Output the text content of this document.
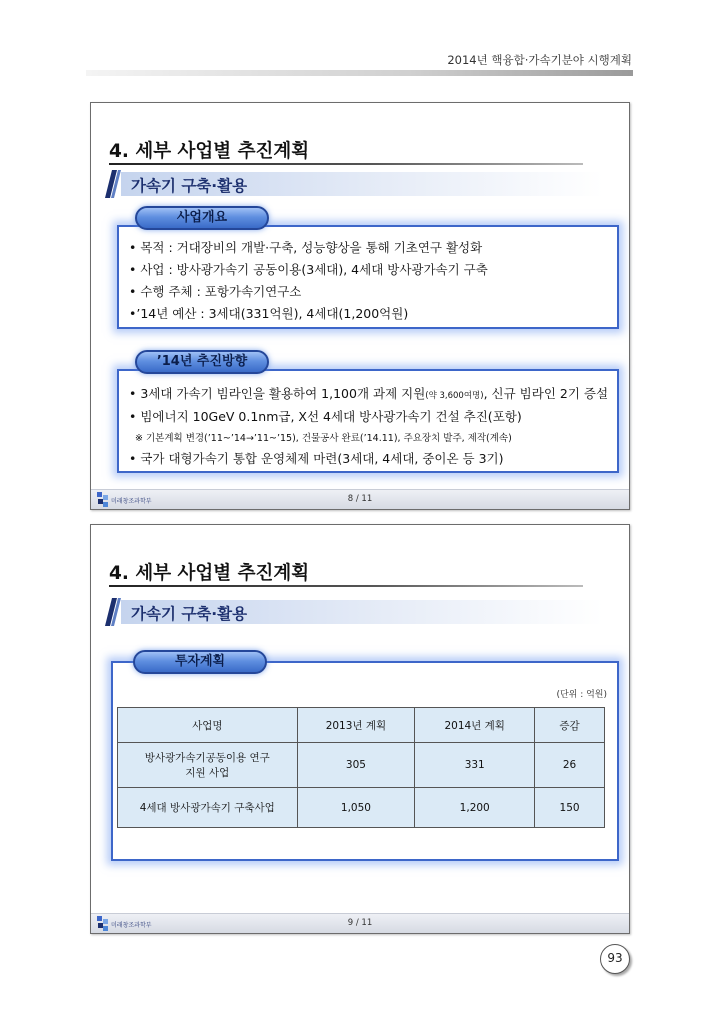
2014년 핵융합·가속기분야 시행계획
4. 세부 사업별 추진계획
가속기 구축·활용
• 목적 : 거대장비의 개발·구축, 성능향상을 통해 기초연구 활성화
• 사업 : 방사광가속기 공동이용(3세대), 4세대 방사광가속기 구축
• 수행 주체 : 포항가속기연구소
•’14년 예산 : 3세대(331억원), 4세대(1,200억원)
사업개요
• 3세대 가속기 빔라인을 활용하여 1,100개 과제 지원(약 3,600여명), 신규 빔라인 2기 증설
• 빔에너지 10GeV 0.1nm급, X선 4세대 방사광가속기 건설 추진(포항)
※ 기본계획 변경(’11~’14→’11~’15), 건물공사 완료(’14.11), 주요장치 발주, 제작(계속)
• 국가 대형가속기 통합 운영체제 마련(3세대, 4세대, 중이온 등 3기)
’14년 추진방향
미래창조과학부	8 / 11
4. 세부 사업별 추진계획
가속기 구축·활용
투자계획
(단위 : 억원)
사업명	2013년 계획	2014년 계획	증감
방사광가속기공동이용 연구
지원 사업	305	331	26
4세대 방사광가속기 구축사업	1,050	1,200	150
미래창조과학부	9 / 11
93
